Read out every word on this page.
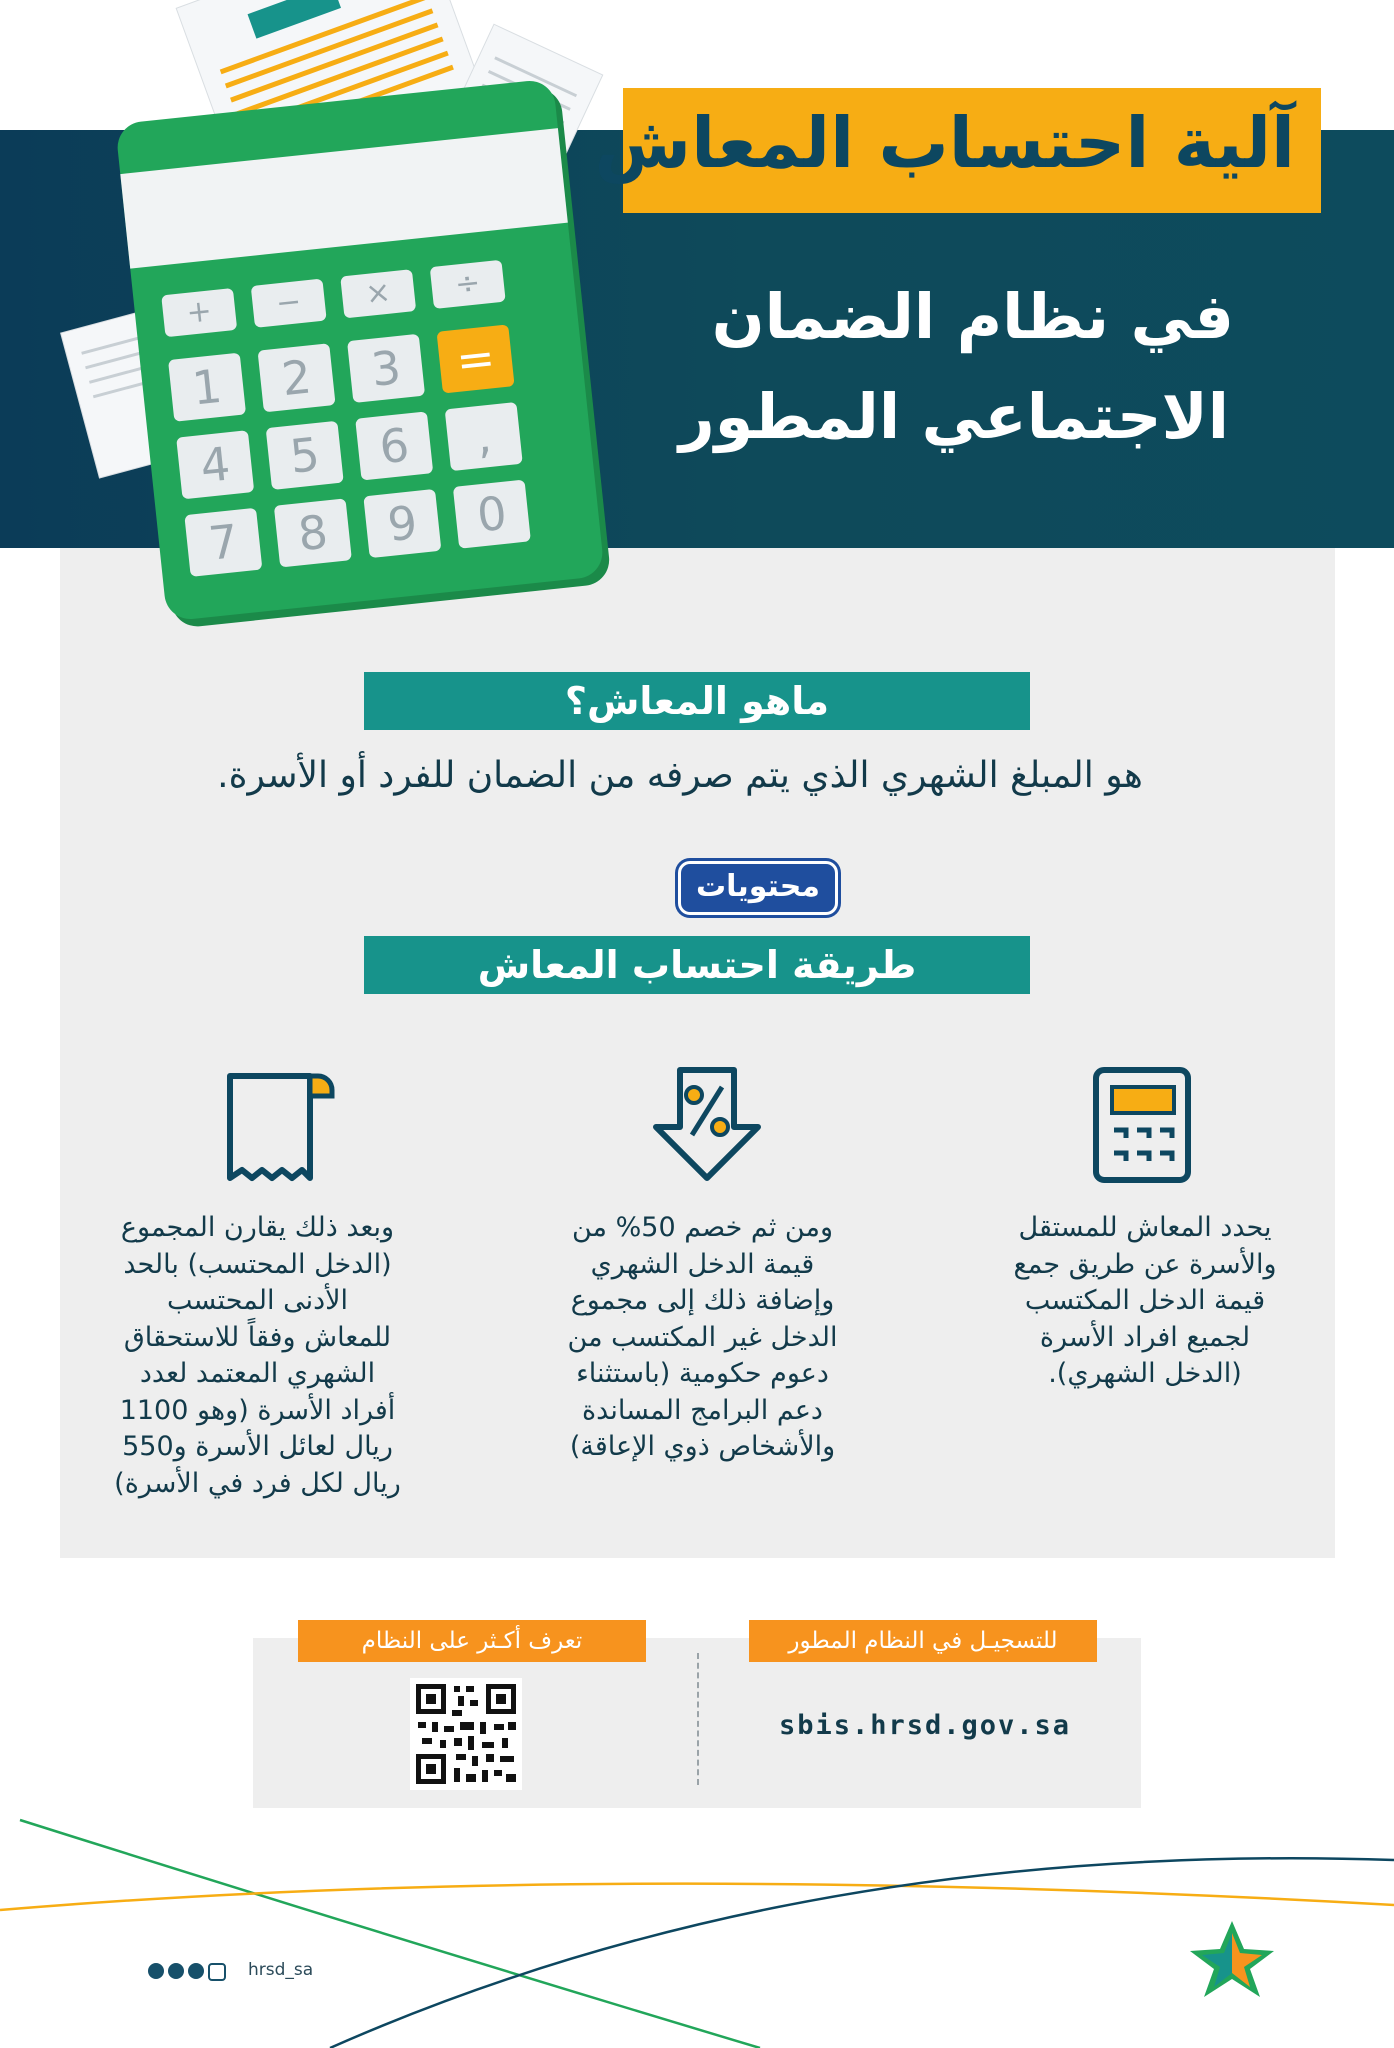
+	−	×	÷
1	2	3	=
4	5	6	,
7	8	9	0
آلية احتساب المعاش
في نظام الضمان
الاجتماعي المطور
ماهو المعاش؟
هو المبلغ الشهري الذي يتم صرفه من الضمان للفرد أو الأسرة.
محتويات
طريقة احتساب المعاش
يحدد المعاش للمستقل
والأسرة عن طريق جمع
قيمة الدخل المكتسب
لجميع افراد الأسرة
(الدخل الشهري).
ومن ثم خصم 50% من
قيمة الدخل الشهري
وإضافة ذلك إلى مجموع
الدخل غير المكتسب من
دعوم حكومية (باستثناء
دعم البرامج المساندة
والأشخاص ذوي الإعاقة)
وبعد ذلك يقارن المجموع
(الدخل المحتسب) بالحد
الأدنى المحتسب
للمعاش وفقاً للاستحقاق
الشهري المعتمد لعدد
أفراد الأسرة (وهو 1100
ريال لعائل الأسرة و550
ريال لكل فرد في الأسرة)
للتسجيـل في النظام المطور
تعرف أكـثر على النظام
sbis.hrsd.gov.sa
hrsd_sa
